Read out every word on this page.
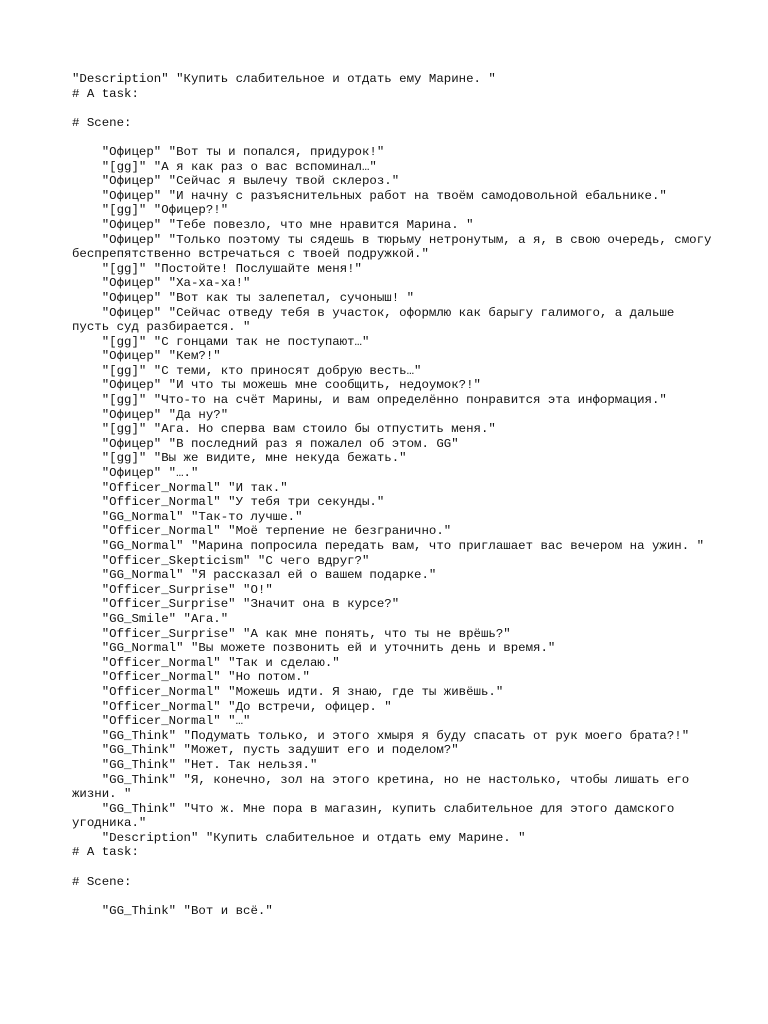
"Description" "Купить слабительное и отдать ему Марине. "
# A task:
# Scene:
"Офицер" "Вот ты и попался, придурок!"
"[gg]" "А я как раз о вас вспоминал…"
"Офицер" "Сейчас я вылечу твой склероз."
"Офицер" "И начну с разъяснительных работ на твоём самодовольной ебальнике."
"[gg]" "Офицер?!"
"Офицер" "Тебе повезло, что мне нравится Марина. "
"Офицер" "Только поэтому ты сядешь в тюрьму нетронутым, а я, в свою очередь, смогу беспрепятственно встречаться с твоей подружкой."
"[gg]" "Постойте! Послушайте меня!"
"Офицер" "Ха-ха-ха!"
"Офицер" "Вот как ты залепетал, сучоныш! "
"Офицер" "Сейчас отведу тебя в участок, оформлю как барыгу галимого, а дальше пусть суд разбирается. "
"[gg]" "С гонцами так не поступают…"
"Офицер" "Кем?!"
"[gg]" "С теми, кто приносят добрую весть…"
"Офицер" "И что ты можешь мне сообщить, недоумок?!"
"[gg]" "Что-то на счёт Марины, и вам определённо понравится эта информация."
"Офицер" "Да ну?"
"[gg]" "Ага. Но сперва вам стоило бы отпустить меня."
"Офицер" "В последний раз я пожалел об этом. GG"
"[gg]" "Вы же видите, мне некуда бежать."
"Офицер" "…."
"Officer_Normal" "И так."
"Officer_Normal" "У тебя три секунды."
"GG_Normal" "Так-то лучше."
"Officer_Normal" "Моё терпение не безгранично."
"GG_Normal" "Марина попросила передать вам, что приглашает вас вечером на ужин. "
"Officer_Skepticism" "С чего вдруг?"
"GG_Normal" "Я рассказал ей о вашем подарке."
"Officer_Surprise" "О!"
"Officer_Surprise" "Значит она в курсе?"
"GG_Smile" "Ага."
"Officer_Surprise" "А как мне понять, что ты не врёшь?"
"GG_Normal" "Вы можете позвонить ей и уточнить день и время."
"Officer_Normal" "Так и сделаю."
"Officer_Normal" "Но потом."
"Officer_Normal" "Можешь идти. Я знаю, где ты живёшь."
"Officer_Normal" "До встречи, офицер. "
"Officer_Normal" "…"
"GG_Think" "Подумать только, и этого хмыря я буду спасать от рук моего брата?!"
"GG_Think" "Может, пусть задушит его и поделом?"
"GG_Think" "Нет. Так нельзя."
"GG_Think" "Я, конечно, зол на этого кретина, но не настолько, чтобы лишать его жизни. "
"GG_Think" "Что ж. Мне пора в магазин, купить слабительное для этого дамского угодника."
"Description" "Купить слабительное и отдать ему Марине. "
# A task:
# Scene:
"GG_Think" "Вот и всё."
